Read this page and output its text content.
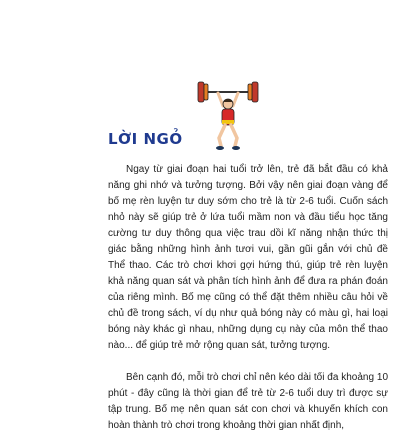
LỜI NGỎ

Ngay từ giai đoạn hai tuổi trở lên, trẻ đã bắt đầu có khả năng ghi nhớ và tưởng tượng. Bởi vậy nên giai đoạn vàng để bố mẹ rèn luyện tư duy sớm cho trẻ là từ 2-6 tuổi. Cuốn sách nhỏ này sẽ giúp trẻ ở lứa tuổi mầm non và đầu tiểu học tăng cường tư duy thông qua việc trau dồi kĩ năng nhận thức thị giác bằng những hình ảnh tươi vui, gần gũi gắn với chủ đề Thể thao. Các trò chơi khơi gợi hứng thú, giúp trẻ rèn luyện khả năng quan sát và phân tích hình ảnh để đưa ra phán đoán của riêng mình. Bố mẹ cũng có thể đặt thêm nhiều câu hỏi về chủ đề trong sách, ví dụ như quả bóng này có màu gì, hai loại bóng này khác gì nhau, những dụng cụ này của môn thể thao nào... để giúp trẻ mở rộng quan sát, tưởng tượng.

Bên cạnh đó, mỗi trò chơi chỉ nên kéo dài tối đa khoảng 10 phút - đây cũng là thời gian để trẻ từ 2-6 tuổi duy trì được sự tập trung. Bố mẹ nên quan sát con chơi và khuyến khích con hoàn thành trò chơi trong khoảng thời gian nhất định,
